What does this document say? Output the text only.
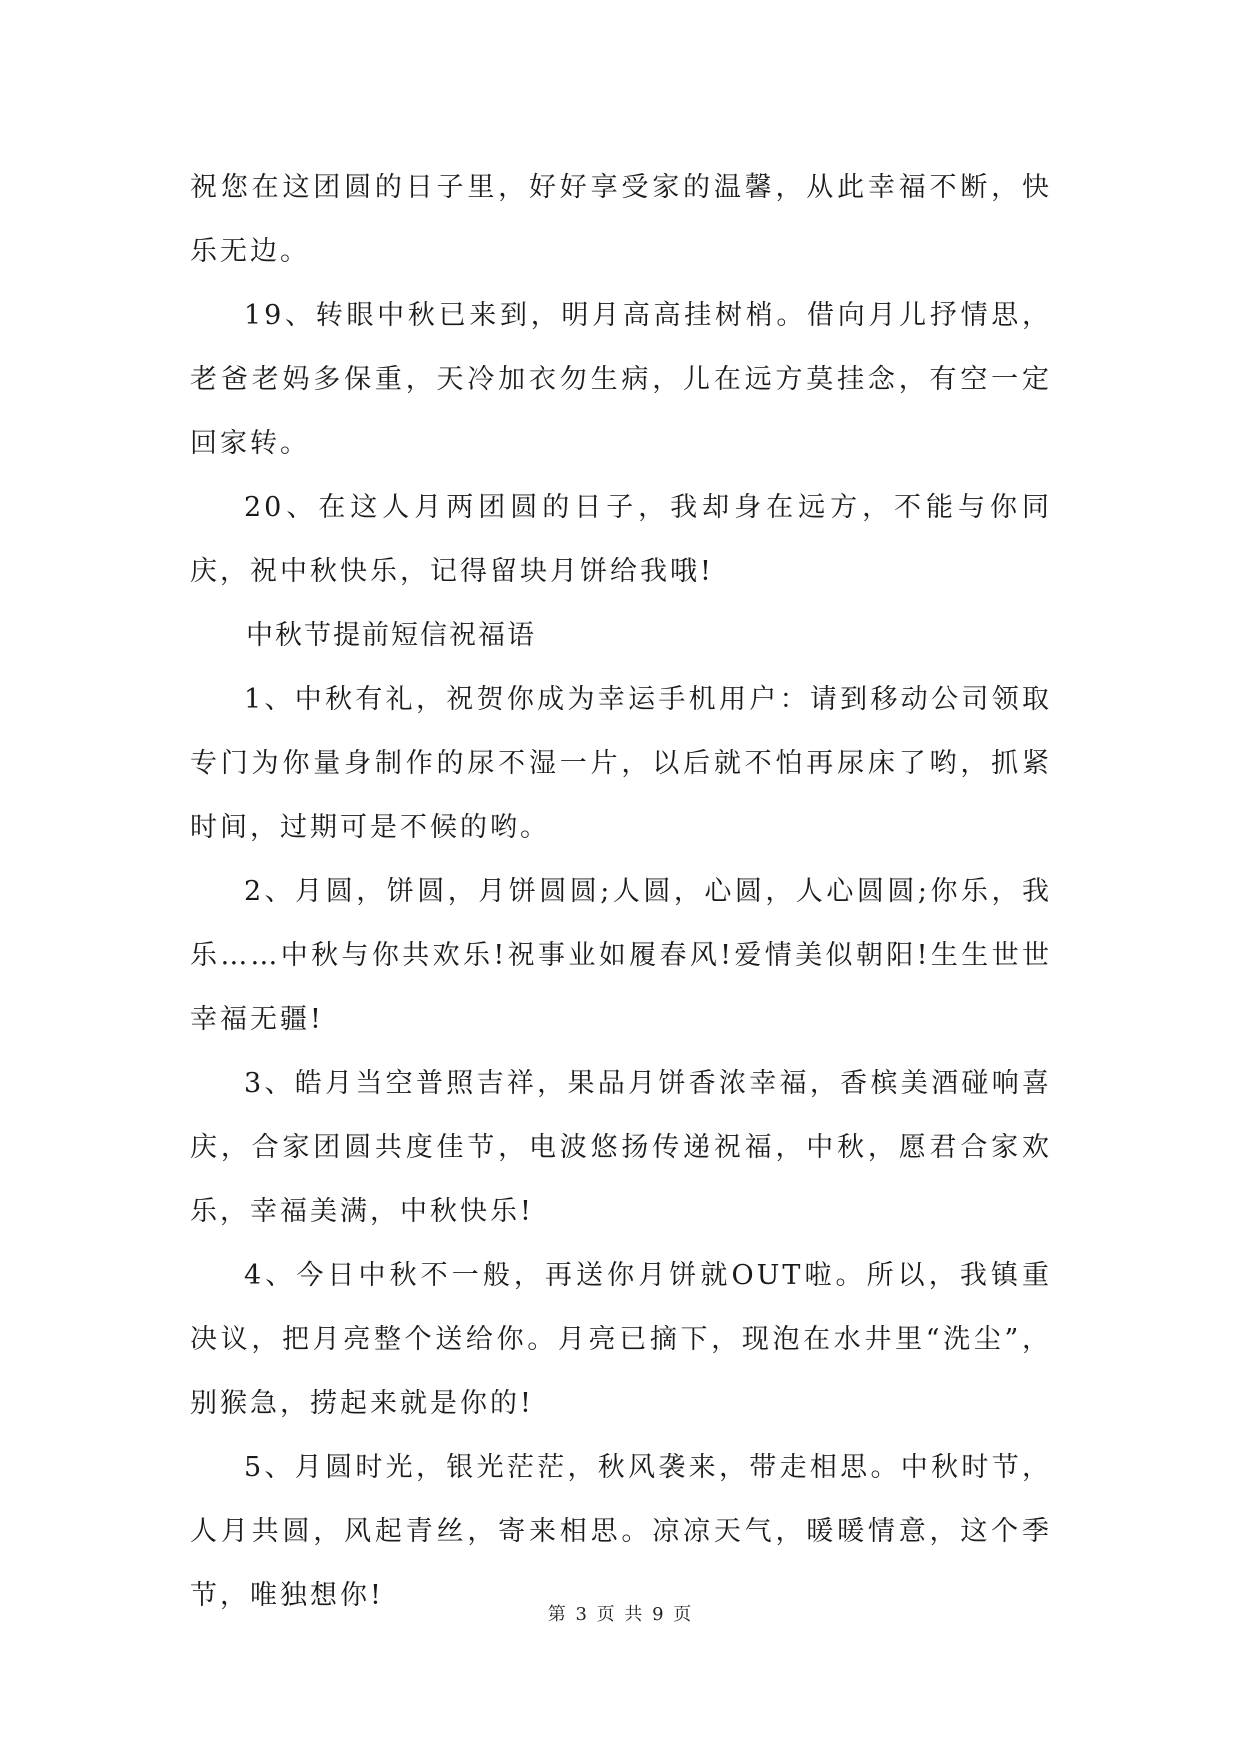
祝您在这团圆的日子里，好好享受家的温馨，从此幸福不断，快乐无边。

19、转眼中秋已来到，明月高高挂树梢。借向月儿抒情思，老爸老妈多保重，天冷加衣勿生病，儿在远方莫挂念，有空一定回家转。

20、在这人月两团圆的日子，我却身在远方，不能与你同庆，祝中秋快乐，记得留块月饼给我哦!

中秋节提前短信祝福语

1、中秋有礼，祝贺你成为幸运手机用户：请到移动公司领取专门为你量身制作的尿不湿一片，以后就不怕再尿床了哟，抓紧时间，过期可是不候的哟。

2、月圆，饼圆，月饼圆圆;人圆，心圆，人心圆圆;你乐，我乐……中秋与你共欢乐!祝事业如履春风!爱情美似朝阳!生生世世幸福无疆!

3、皓月当空普照吉祥，果品月饼香浓幸福，香槟美酒碰响喜庆，合家团圆共度佳节，电波悠扬传递祝福，中秋，愿君合家欢乐，幸福美满，中秋快乐!

4、今日中秋不一般，再送你月饼就OUT啦。所以，我镇重决议，把月亮整个送给你。月亮已摘下，现泡在水井里“洗尘”，别猴急，捞起来就是你的!

5、月圆时光，银光茫茫，秋风袭来，带走相思。中秋时节，人月共圆，风起青丝，寄来相思。凉凉天气，暖暖情意，这个季节，唯独想你!

第 3 页 共 9 页
